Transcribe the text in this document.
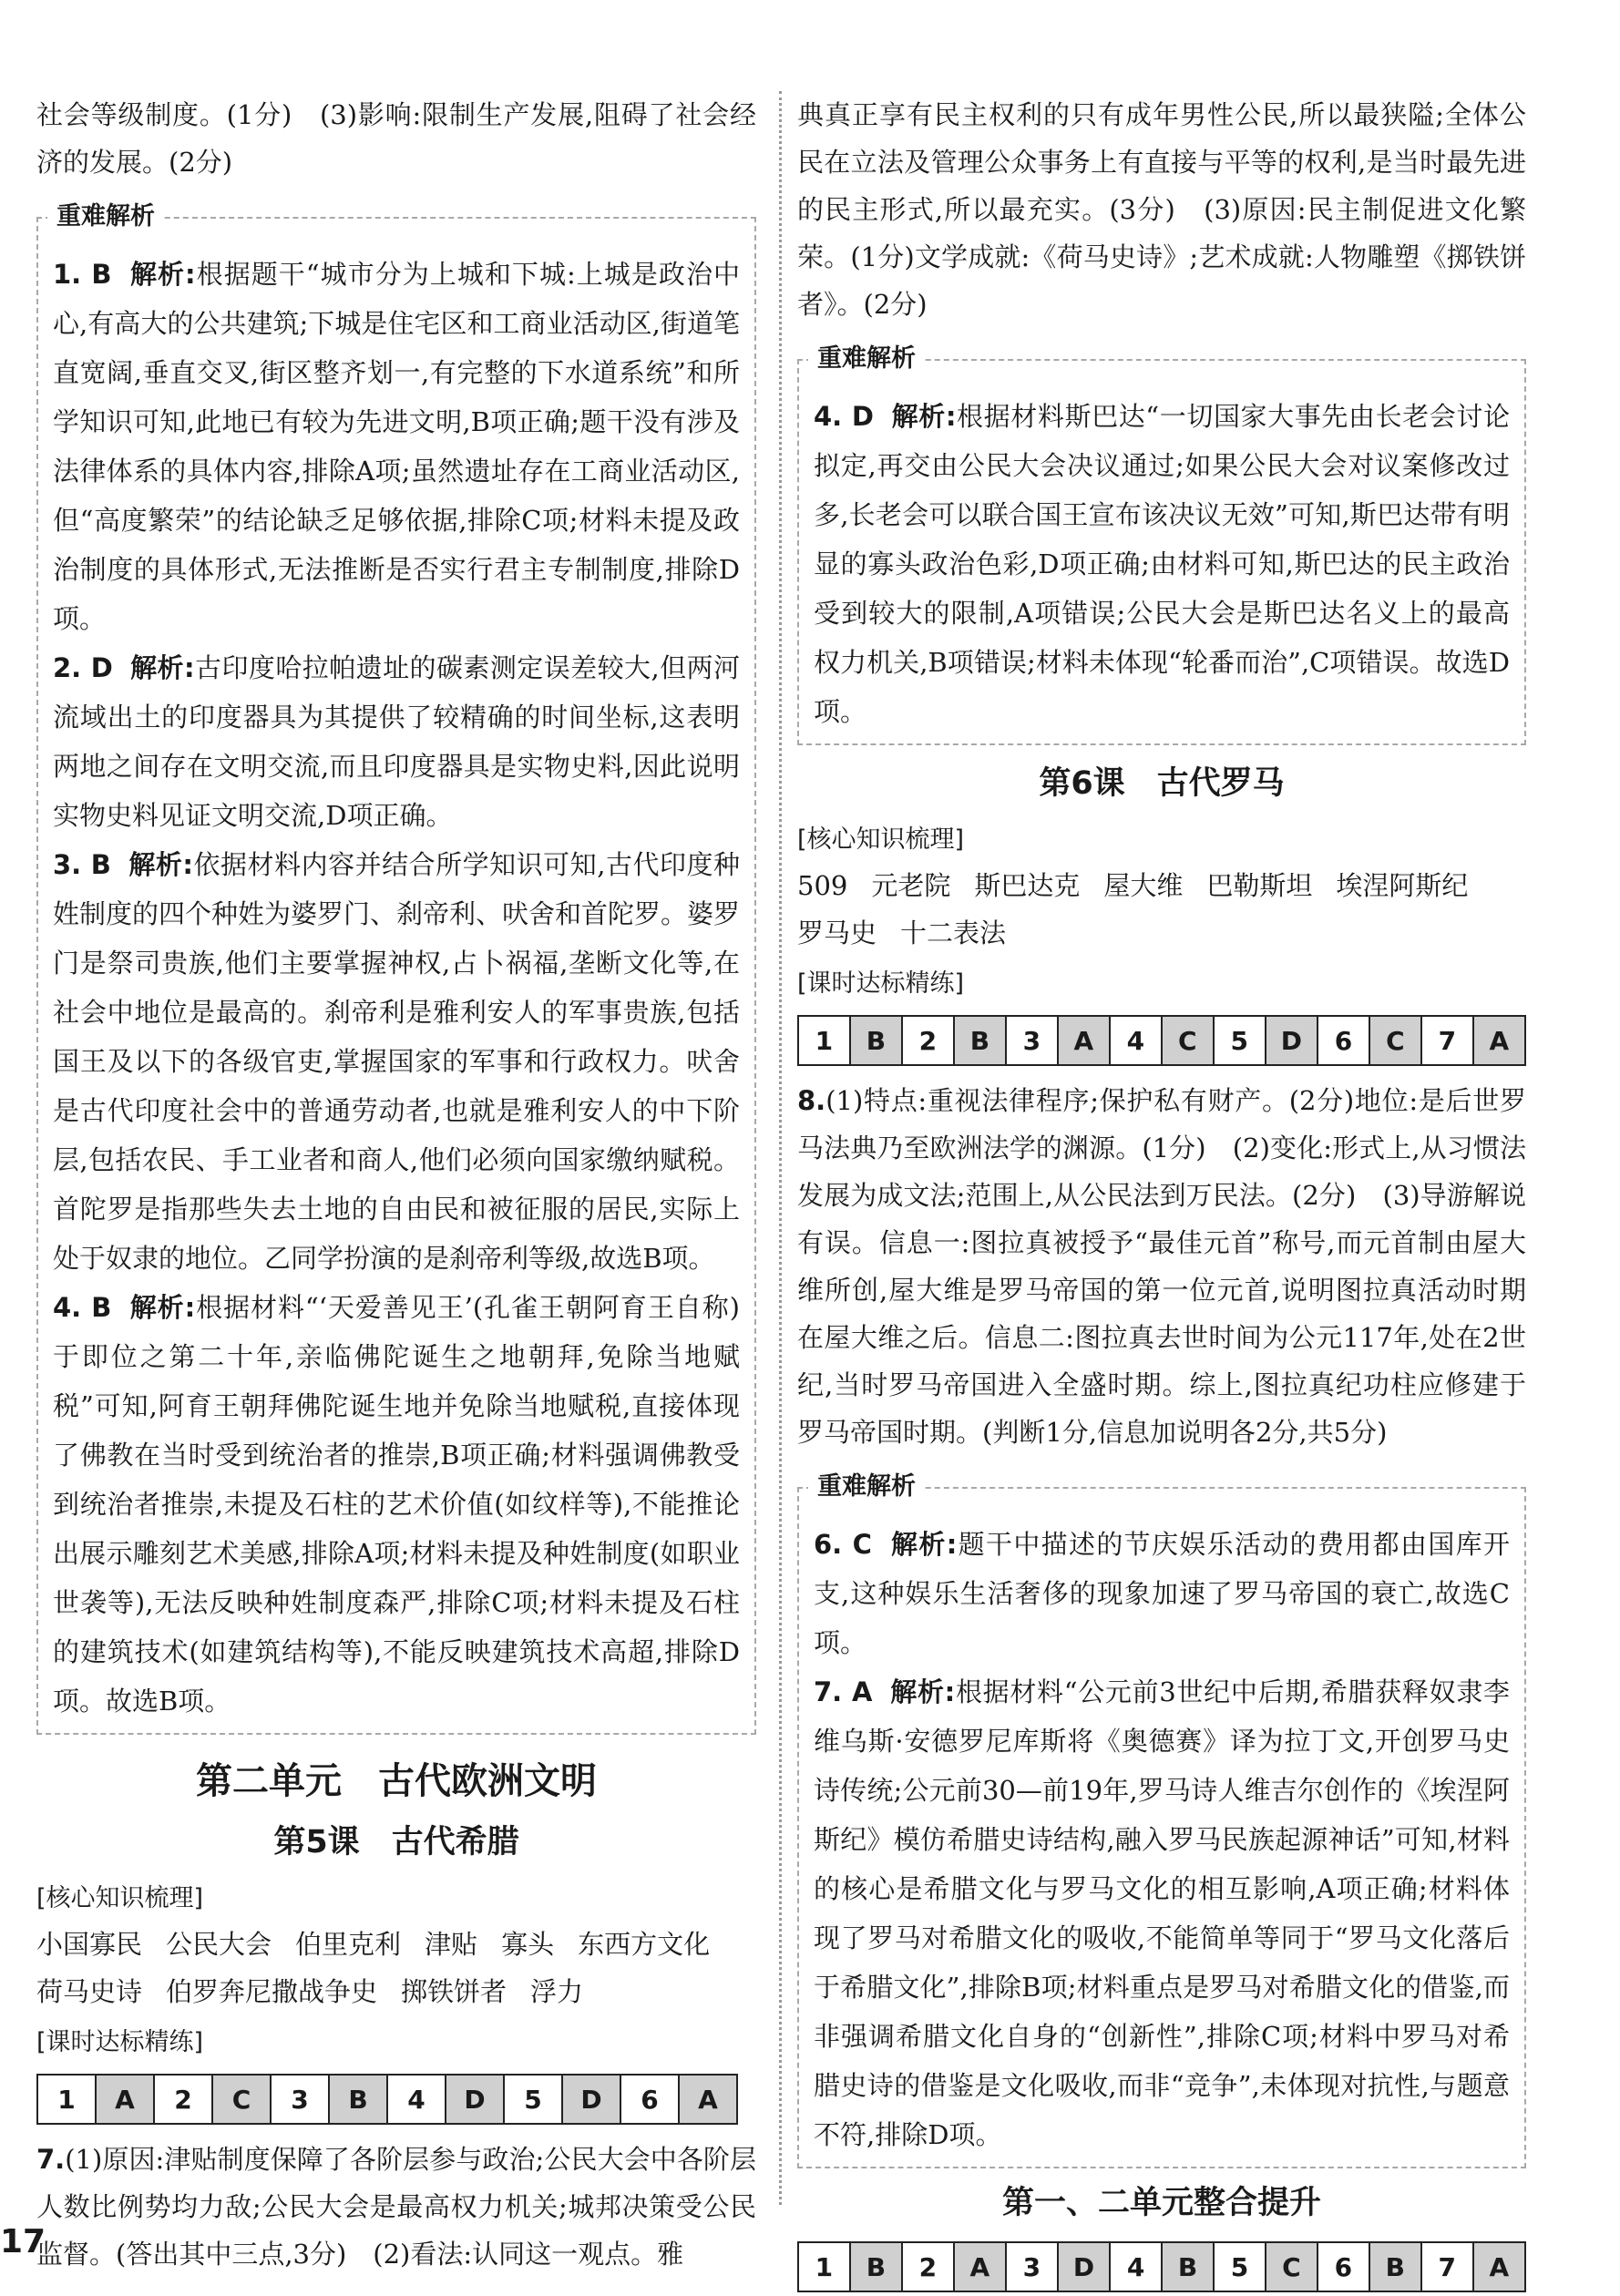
社会等级制度。(1分)　(3)影响:限制生产发展,阻碍了社会经济的发展。(2分)

重难解析

1. B 解析:根据题干“城市分为上城和下城:上城是政治中心,有高大的公共建筑;下城是住宅区和工商业活动区,街道笔直宽阔,垂直交叉,街区整齐划一,有完整的下水道系统”和所学知识可知,此地已有较为先进文明,B项正确;题干没有涉及法律体系的具体内容,排除A项;虽然遗址存在工商业活动区,但“高度繁荣”的结论缺乏足够依据,排除C项;材料未提及政治制度的具体形式,无法推断是否实行君主专制制度,排除D项。

2. D 解析:古印度哈拉帕遗址的碳素测定误差较大,但两河流域出土的印度器具为其提供了较精确的时间坐标,这表明两地之间存在文明交流,而且印度器具是实物史料,因此说明实物史料见证文明交流,D项正确。

3. B 解析:依据材料内容并结合所学知识可知,古代印度种姓制度的四个种姓为婆罗门、刹帝利、吠舍和首陀罗。婆罗门是祭司贵族,他们主要掌握神权,占卜祸福,垄断文化等,在社会中地位是最高的。刹帝利是雅利安人的军事贵族,包括国王及以下的各级官吏,掌握国家的军事和行政权力。吠舍是古代印度社会中的普通劳动者,也就是雅利安人的中下阶层,包括农民、手工业者和商人,他们必须向国家缴纳赋税。首陀罗是指那些失去土地的自由民和被征服的居民,实际上处于奴隶的地位。乙同学扮演的是刹帝利等级,故选B项。

4. B 解析:根据材料“‘天爱善见王’(孔雀王朝阿育王自称)于即位之第二十年,亲临佛陀诞生之地朝拜,免除当地赋税”可知,阿育王朝拜佛陀诞生地并免除当地赋税,直接体现了佛教在当时受到统治者的推崇,B项正确;材料强调佛教受到统治者推崇,未提及石柱的艺术价值(如纹样等),不能推论出展示雕刻艺术美感,排除A项;材料未提及种姓制度(如职业世袭等),无法反映种姓制度森严,排除C项;材料未提及石柱的建筑技术(如建筑结构等),不能反映建筑技术高超,排除D项。故选B项。

第二单元　古代欧洲文明
第5课　古代希腊
[核心知识梳理]
小国寡民 公民大会 伯里克利 津贴 寡头 东西方文化
荷马史诗 伯罗奔尼撒战争史 掷铁饼者 浮力
[课时达标精练]
1	A	2	C	3	B	4	D	5	D	6	A

7.(1)原因:津贴制度保障了各阶层参与政治;公民大会中各阶层人数比例势均力敌;公民大会是最高权力机关;城邦决策受公民监督。(答出其中三点,3分)　(2)看法:认同这一观点。雅

典真正享有民主权利的只有成年男性公民,所以最狭隘;全体公民在立法及管理公众事务上有直接与平等的权利,是当时最先进的民主形式,所以最充实。(3分)　(3)原因:民主制促进文化繁荣。(1分)文学成就:《荷马史诗》;艺术成就:人物雕塑《掷铁饼者》。(2分)

重难解析

4. D 解析:根据材料斯巴达“一切国家大事先由长老会讨论拟定,再交由公民大会决议通过;如果公民大会对议案修改过多,长老会可以联合国王宣布该决议无效”可知,斯巴达带有明显的寡头政治色彩,D项正确;由材料可知,斯巴达的民主政治受到较大的限制,A项错误;公民大会是斯巴达名义上的最高权力机关,B项错误;材料未体现“轮番而治”,C项错误。故选D项。

第6课　古代罗马
[核心知识梳理]
509 元老院 斯巴达克 屋大维 巴勒斯坦 埃涅阿斯纪
罗马史 十二表法
[课时达标精练]
1	B	2	B	3	A	4	C	5	D	6	C	7	A

8.(1)特点:重视法律程序;保护私有财产。(2分)地位:是后世罗马法典乃至欧洲法学的渊源。(1分)　(2)变化:形式上,从习惯法发展为成文法;范围上,从公民法到万民法。(2分)　(3)导游解说有误。信息一:图拉真被授予“最佳元首”称号,而元首制由屋大维所创,屋大维是罗马帝国的第一位元首,说明图拉真活动时期在屋大维之后。信息二:图拉真去世时间为公元117年,处在2世纪,当时罗马帝国进入全盛时期。综上,图拉真纪功柱应修建于罗马帝国时期。(判断1分,信息加说明各2分,共5分)

重难解析

6. C 解析:题干中描述的节庆娱乐活动的费用都由国库开支,这种娱乐生活奢侈的现象加速了罗马帝国的衰亡,故选C项。

7. A 解析:根据材料“公元前3世纪中后期,希腊获释奴隶李维乌斯·安德罗尼库斯将《奥德赛》译为拉丁文,开创罗马史诗传统;公元前30—前19年,罗马诗人维吉尔创作的《埃涅阿斯纪》模仿希腊史诗结构,融入罗马民族起源神话”可知,材料的核心是希腊文化与罗马文化的相互影响,A项正确;材料体现了罗马对希腊文化的吸收,不能简单等同于“罗马文化落后于希腊文化”,排除B项;材料重点是罗马对希腊文化的借鉴,而非强调希腊文化自身的“创新性”,排除C项;材料中罗马对希腊史诗的借鉴是文化吸收,而非“竞争”,未体现对抗性,与题意不符,排除D项。

第一、二单元整合提升
1	B	2	A	3	D	4	B	5	C	6	B	7	A
17
